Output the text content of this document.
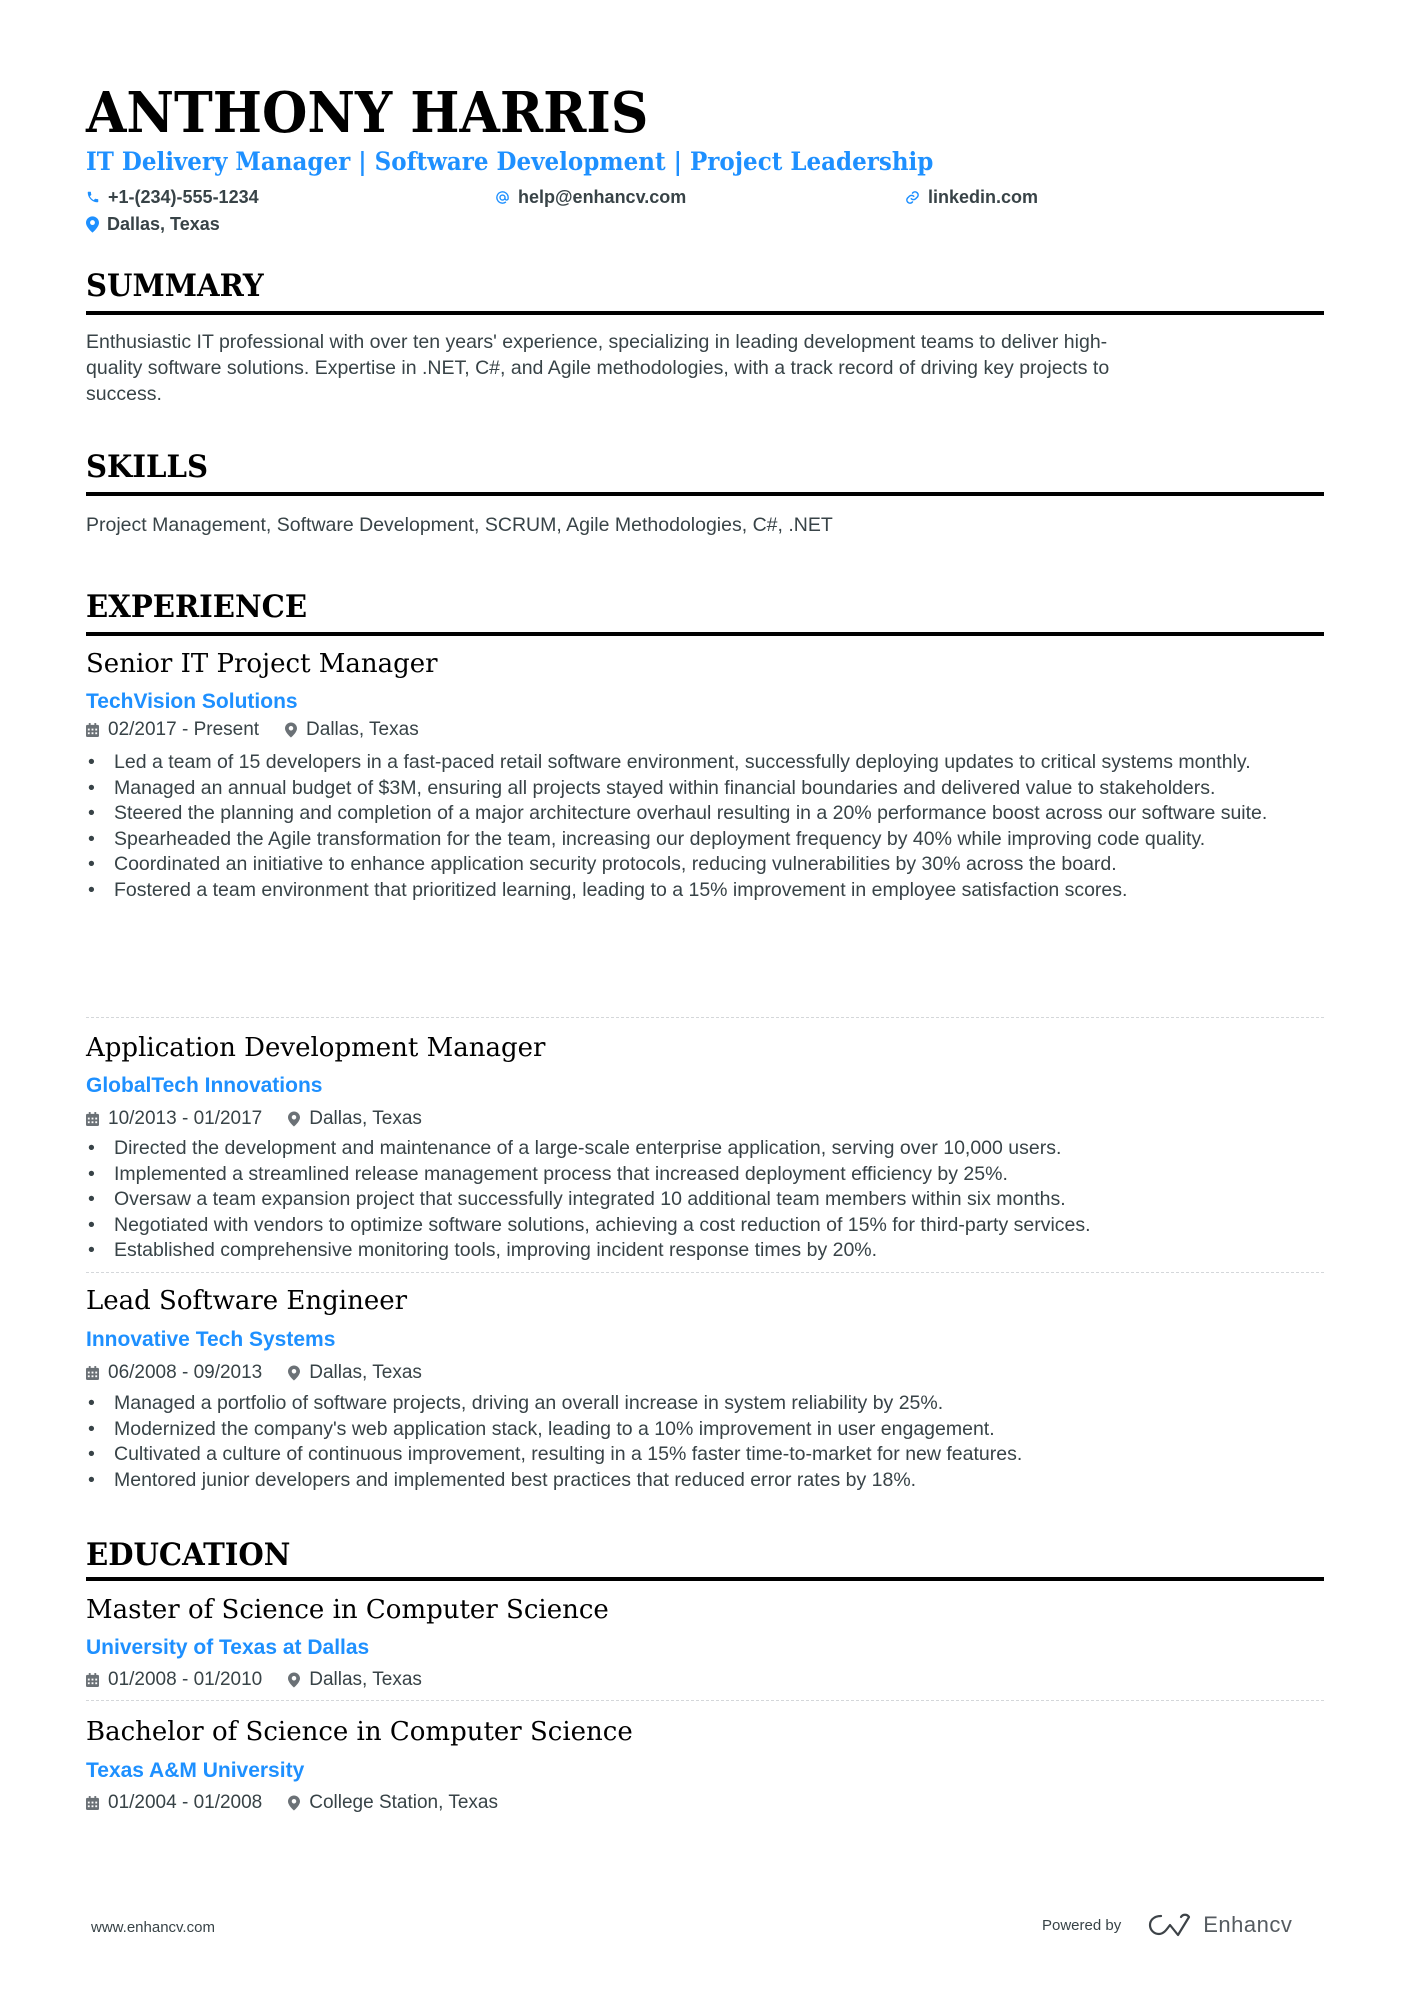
ANTHONY HARRIS
IT Delivery Manager | Software Development | Project Leadership
+1-(234)-555-1234	help@enhancv.com	linkedin.com
Dallas, Texas
SUMMARY
Enthusiastic IT professional with over ten years' experience, specializing in leading development teams to deliver high-
quality software solutions. Expertise in .NET, C#, and Agile methodologies, with a track record of driving key projects to
success.
SKILLS
Project Management, Software Development, SCRUM, Agile Methodologies, C#, .NET
EXPERIENCE
Senior IT Project Manager
TechVision Solutions
02/2017 - Present Dallas, Texas
• Led a team of 15 developers in a fast-paced retail software environment, successfully deploying updates to critical systems monthly.
• Managed an annual budget of $3M, ensuring all projects stayed within financial boundaries and delivered value to stakeholders.
• Steered the planning and completion of a major architecture overhaul resulting in a 20% performance boost across our software suite.
• Spearheaded the Agile transformation for the team, increasing our deployment frequency by 40% while improving code quality.
• Coordinated an initiative to enhance application security protocols, reducing vulnerabilities by 30% across the board.
• Fostered a team environment that prioritized learning, leading to a 15% improvement in employee satisfaction scores.
Application Development Manager
GlobalTech Innovations
10/2013 - 01/2017 Dallas, Texas
• Directed the development and maintenance of a large-scale enterprise application, serving over 10,000 users.
• Implemented a streamlined release management process that increased deployment efficiency by 25%.
• Oversaw a team expansion project that successfully integrated 10 additional team members within six months.
• Negotiated with vendors to optimize software solutions, achieving a cost reduction of 15% for third-party services.
• Established comprehensive monitoring tools, improving incident response times by 20%.
Lead Software Engineer
Innovative Tech Systems
06/2008 - 09/2013 Dallas, Texas
• Managed a portfolio of software projects, driving an overall increase in system reliability by 25%.
• Modernized the company's web application stack, leading to a 10% improvement in user engagement.
• Cultivated a culture of continuous improvement, resulting in a 15% faster time-to-market for new features.
• Mentored junior developers and implemented best practices that reduced error rates by 18%.
EDUCATION
Master of Science in Computer Science
University of Texas at Dallas
01/2008 - 01/2010 Dallas, Texas
Bachelor of Science in Computer Science
Texas A&M University
01/2004 - 01/2008 College Station, Texas
www.enhancv.com	Powered by	Enhancv
